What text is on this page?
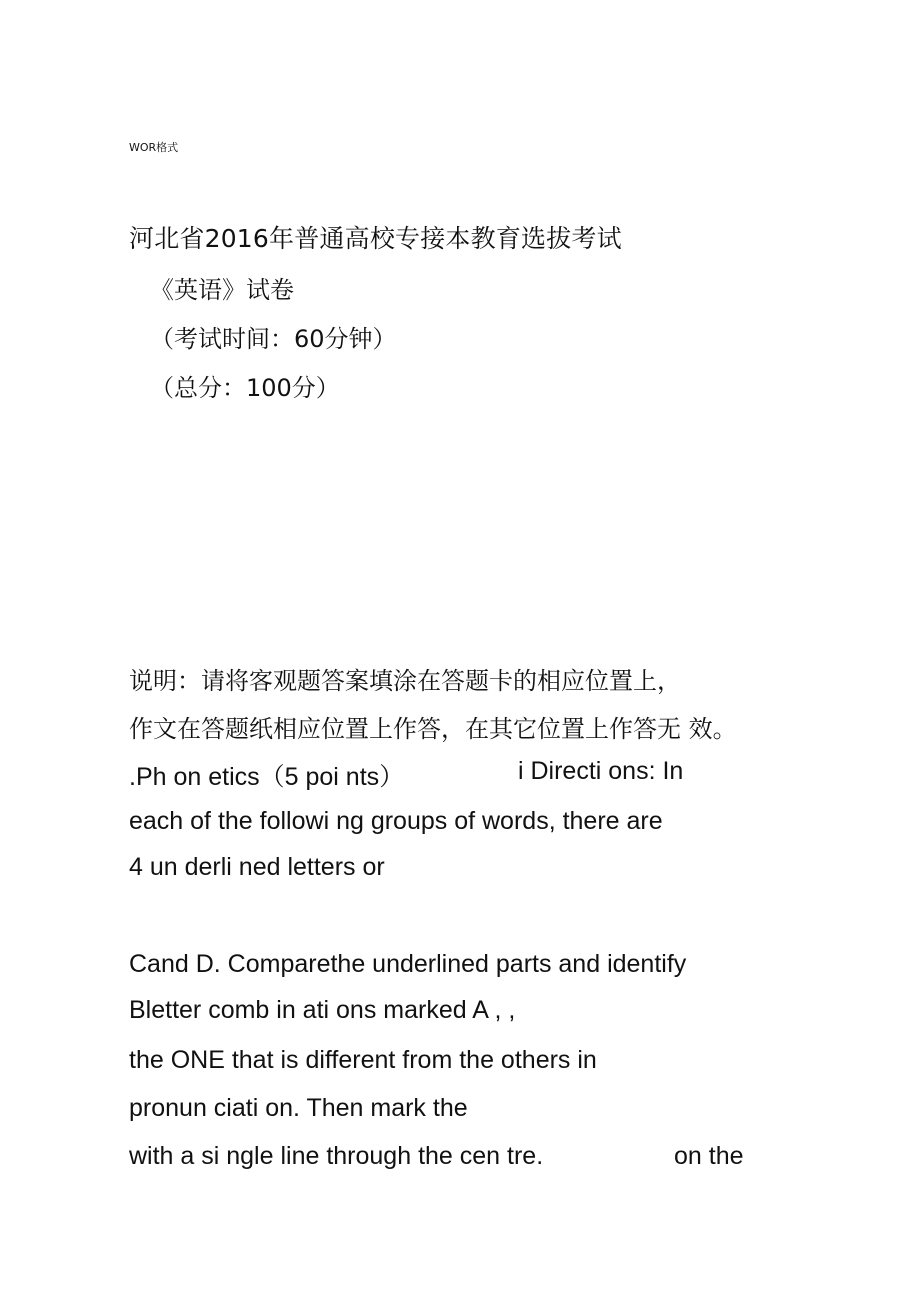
WOR格式
河北省2016年普通高校专接本教育选拔考试
《英语》试卷
（考试时间：60分钟）
（总分：100分）
说明：请将客观题答案填涂在答题卡的相应位置上，
作文在答题纸相应位置上作答，在其它位置上作答无 效。
.Ph on etics（5 poi nts）	i Directi ons: In
each of the followi ng groups of words, there are
4 un derli ned letters or
Cand D. Comparethe underlined parts and identify
Bletter comb in ati ons marked A , ,
the ONE that is different from the others in
pronun ciati on. Then mark the
with a si ngle line through the cen tre.	on the
